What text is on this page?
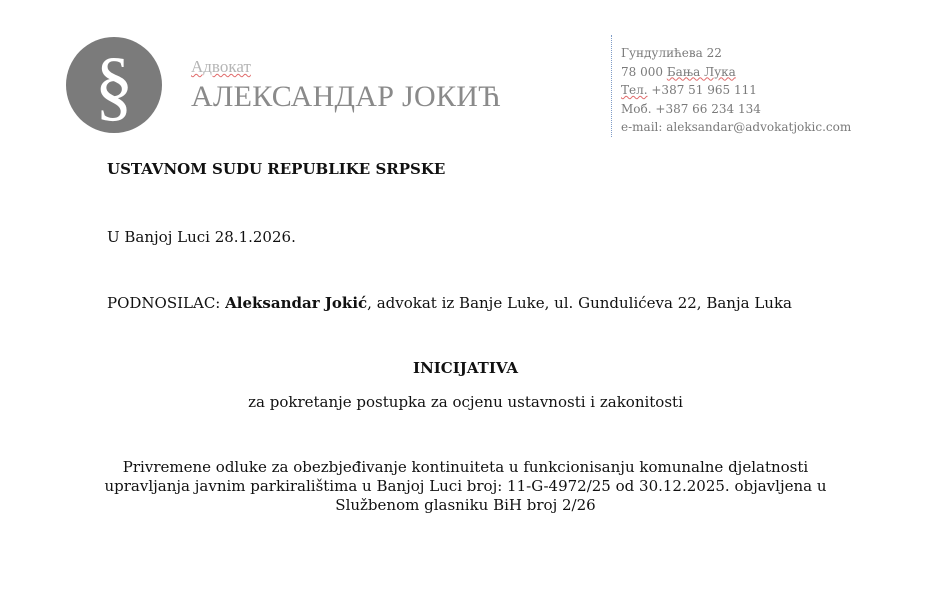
§	Адвокат
АЛЕКСАНДАР ЈОКИЋ
Гундулићева 22
78 000 Бања Лука
Тел. +387 51 965 111
Моб. +387 66 234 134
e-mail: aleksandar@advokatjokic.com
USTAVNOM SUDU REPUBLIKE SRPSKE
U Banjoj Luci 28.1.2026.
PODNOSILAC: Aleksandar Jokić, advokat iz Banje Luke, ul. Gundulićeva 22, Banja Luka
INICIJATIVA
za pokretanje postupka za ocjenu ustavnosti i zakonitosti
Privremene odluke za obezbjeđivanje kontinuiteta u funkcionisanju komunalne djelatnosti
upravljanja javnim parkiralištima u Banjoj Luci broj: 11-G-4972/25 od 30.12.2025. objavljena u
Službenom glasniku BiH broj 2/26
